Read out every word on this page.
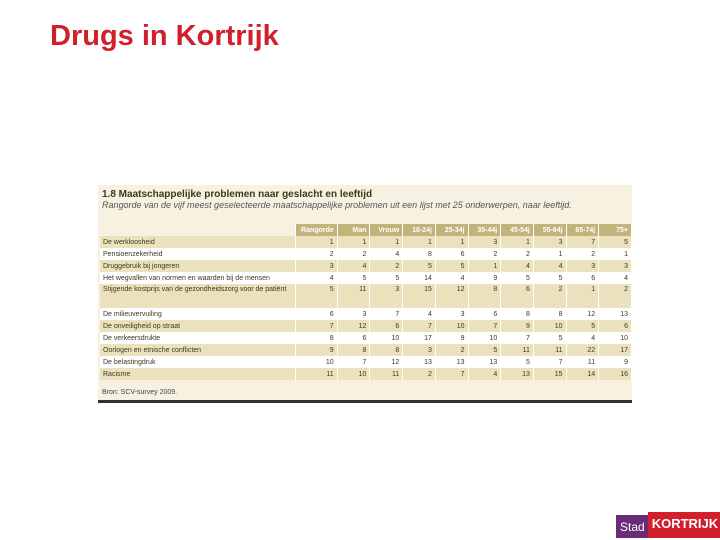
Drugs in Kortrijk
1.8 Maatschappelijke problemen naar geslacht en leeftijd
Rangorde van de vijf meest geselecteerde maatschappelijke problemen uit een lijst met 25 onderwerpen, naar leeftijd.
	Rangorde	Man	Vrouw	18-24j	25-34j	35-44j	45-54j	55-64j	65-74j	75+
De werkloosheid	1	1	1	1	1	3	1	3	7	5
Pensioenzekerheid	2	2	4	8	6	2	2	1	2	1
Druggebruik bij jongeren	3	4	2	5	5	1	4	4	3	3
Het wegvallen van normen en waarden bij de mensen	4	5	5	14	4	9	5	5	6	4
Stijgende kostprijs van de gezondheidszorg voor de patiënt	5	11	3	15	12	8	6	2	1	2
De milieuvervuiling	6	3	7	4	3	6	8	8	12	13
De onveiligheid op straat	7	12	6	7	10	7	9	10	5	6
De verkeersdrukte	8	6	10	17	9	10	7	5	4	10
Oorlogen en etnische conflicten	9	8	8	3	2	5	11	11	22	17
De belastingdruk	10	7	12	13	13	13	5	7	11	9
Racisme	11	10	11	2	7	4	13	15	14	16
Bron: SCV-survey 2009.
Stad KORTRIJK
